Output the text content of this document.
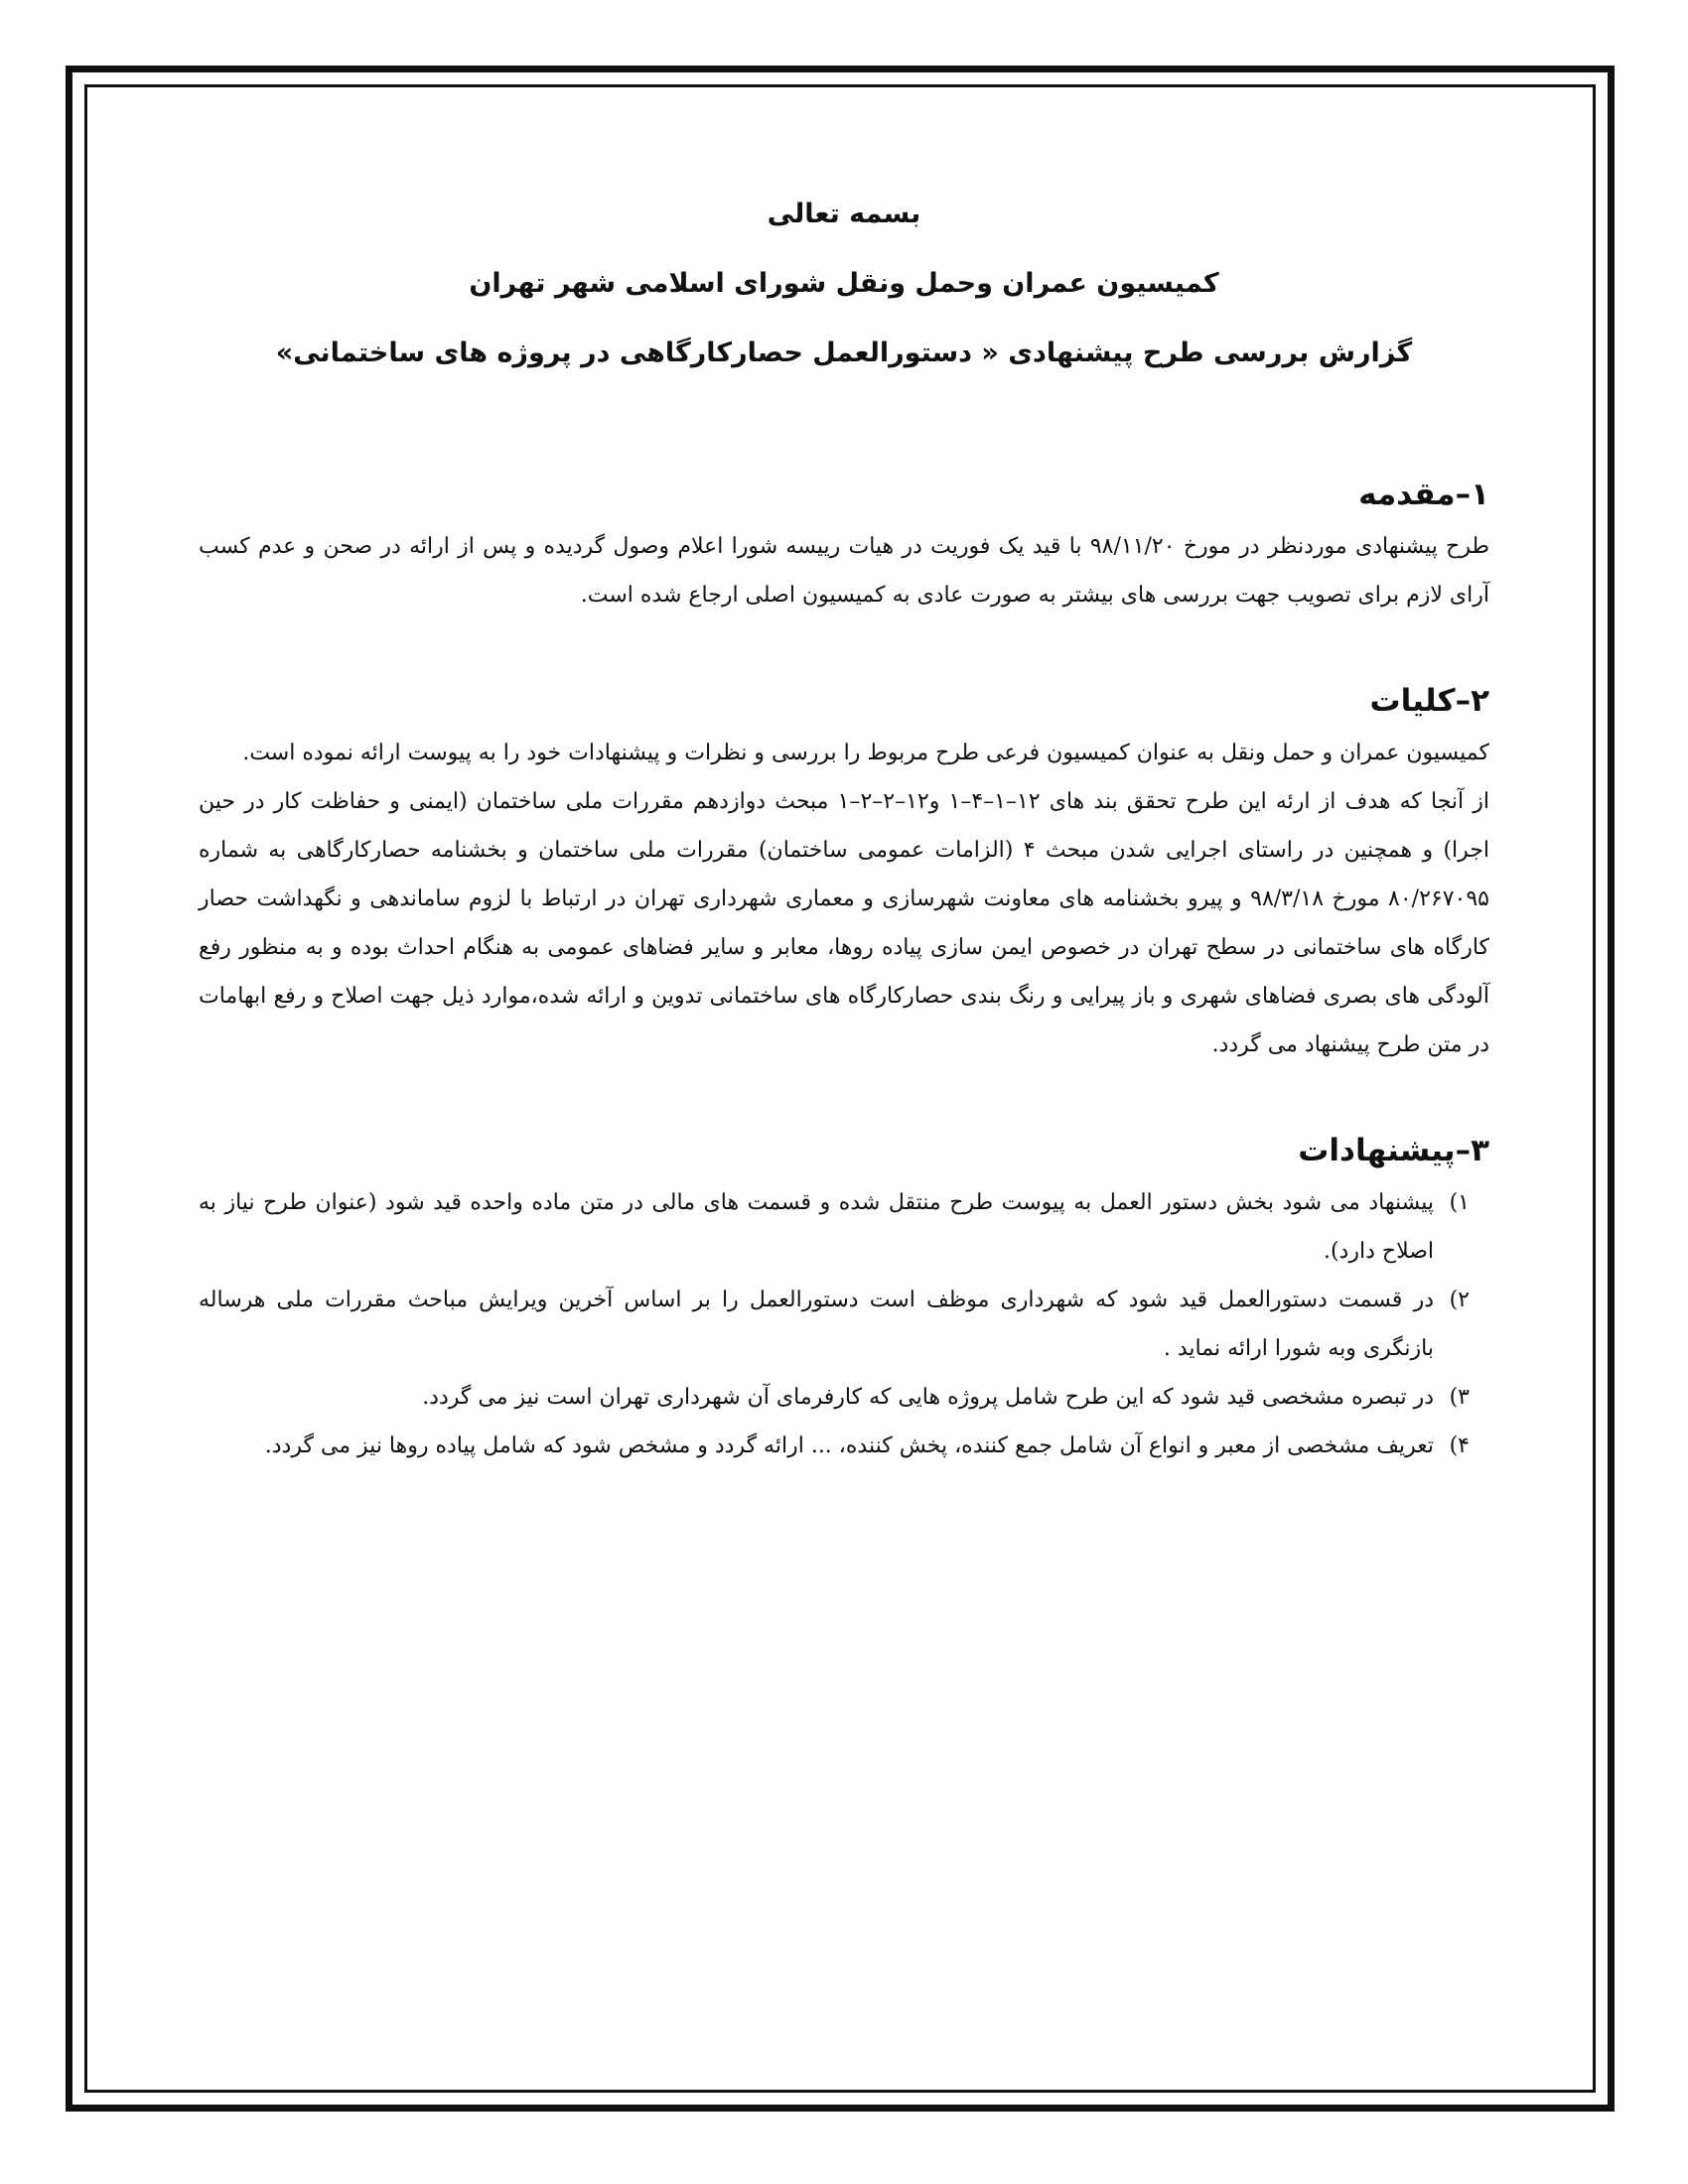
بسمه تعالی
کمیسیون عمران وحمل ونقل شورای اسلامی شهر تهران
گزارش بررسی طرح پیشنهادی « دستورالعمل حصارکارگاهی در پروژه های ساختمانی»
۱–مقدمه

طرح پیشنهادی موردنظر در مورخ ۹۸/۱۱/۲۰ با قید یک فوریت در هیات رییسه شورا اعلام وصول گردیده و پس از ارائه در صحن و عدم کسب آرای لازم برای تصویب جهت بررسی های بیشتر به صورت عادی به کمیسیون اصلی ارجاع شده است.

۲–کلیات

کمیسیون عمران و حمل ونقل به عنوان کمیسیون فرعی طرح مربوط را بررسی و نظرات و پیشنهادات خود را به پیوست ارائه نموده است.

از آنجا که هدف از ارئه این طرح تحقق بند های ۱۲–۱–۴–۱ و۱۲–۲–۲–۱ مبحث دوازدهم مقررات ملی ساختمان (ایمنی و حفاظت کار در حین اجرا) و همچنین در راستای اجرایی شدن مبحث ۴ (الزامات عمومی ساختمان) مقررات ملی ساختمان و بخشنامه حصارکارگاهی به شماره ۸۰/۲۶۷۰۹۵ مورخ ۹۸/۳/۱۸ و پیرو بخشنامه های معاونت شهرسازی و معماری شهرداری تهران در ارتباط با لزوم ساماندهی و نگهداشت حصار کارگاه های ساختمانی در سطح تهران در خصوص ایمن سازی پیاده روها، معابر و سایر فضاهای عمومی به هنگام احداث بوده و به منظور رفع آلودگی های بصری فضاهای شهری و باز پیرایی و رنگ بندی حصارکارگاه های ساختمانی تدوین و ارائه شده،موارد ذیل جهت اصلاح و رفع ابهامات در متن طرح پیشنهاد می گردد.

۳–پیشنهادات
۱)
پیشنهاد می شود بخش دستور العمل به پیوست طرح منتقل شده و قسمت های مالی در متن ماده واحده قید شود (عنوان طرح نیاز به اصلاح دارد).
۲)
در قسمت دستورالعمل قید شود که شهرداری موظف است دستورالعمل را بر اساس آخرین ویرایش مباحث مقررات ملی هرساله بازنگری وبه شورا ارائه نماید .
۳)
در تبصره مشخصی قید شود که این طرح شامل پروژه هایی که کارفرمای آن شهرداری تهران است نیز می گردد.
۴)
تعریف مشخصی از معبر و انواع آن شامل جمع کننده، پخش کننده، ... ارائه گردد و مشخص شود که شامل پیاده روها نیز می گردد.
